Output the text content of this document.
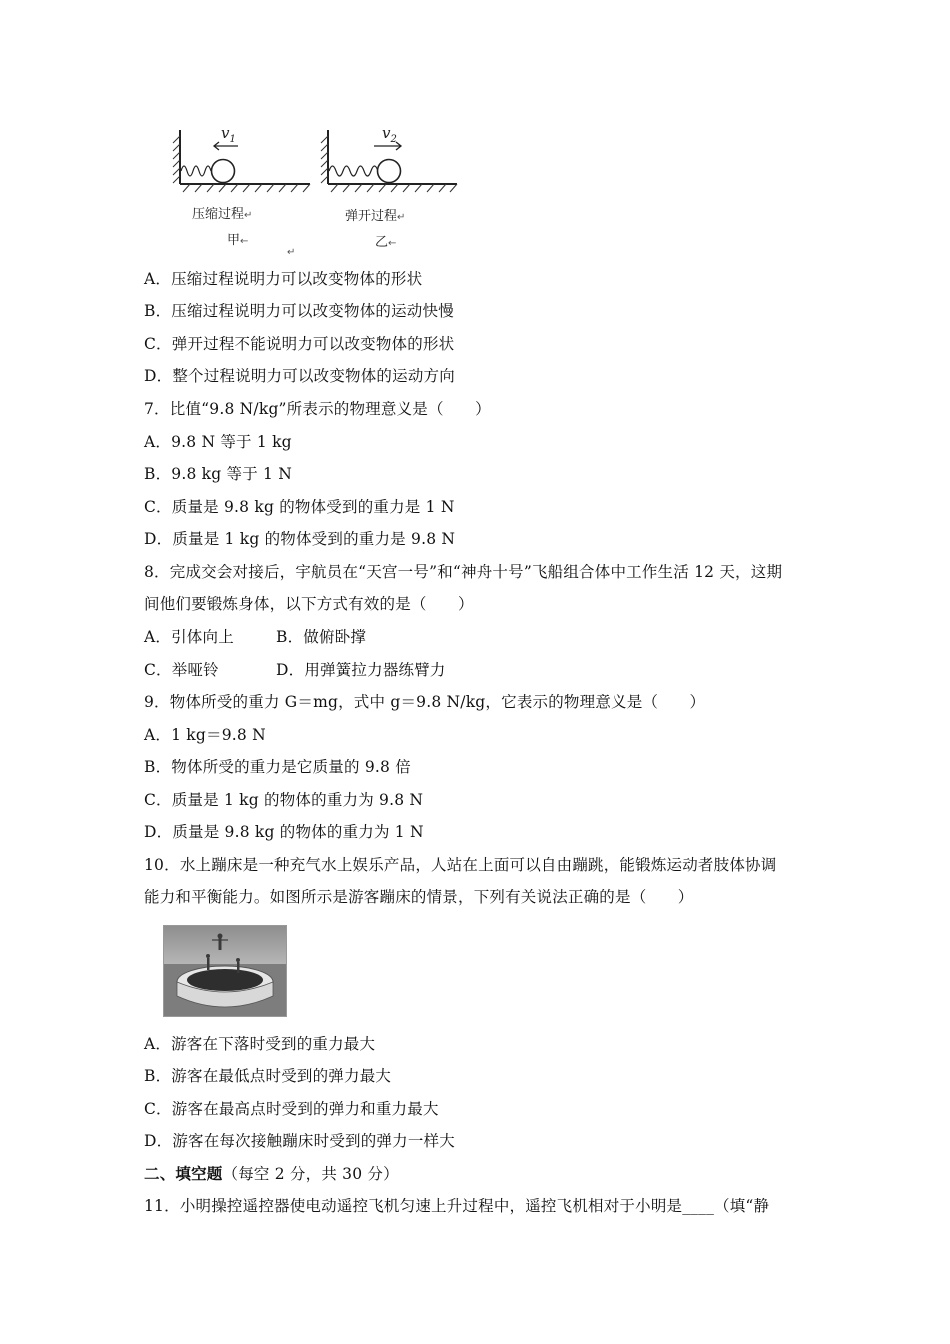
$v_1$	$v_2$
压缩过程↵
甲←
弹开过程↵
乙←
↵
A．压缩过程说明力可以改变物体的形状
B．压缩过程说明力可以改变物体的运动快慢
C．弹开过程不能说明力可以改变物体的形状
D．整个过程说明力可以改变物体的运动方向
7．比值“9.8 N/kg”所表示的物理意义是（　　）
A．9.8 N 等于 1 kg
B．9.8 kg 等于 1 N
C．质量是 9.8 kg 的物体受到的重力是 1 N
D．质量是 1 kg 的物体受到的重力是 9.8 N
8．完成交会对接后，宇航员在“天宫一号”和“神舟十号”飞船组合体中工作生活 12 天，这期
间他们要锻炼身体，以下方式有效的是（　　）
A．引体向上	B．做俯卧撑
C．举哑铃	D．用弹簧拉力器练臂力
9．物体所受的重力 G＝mg，式中 g＝9.8 N/kg，它表示的物理意义是（　　）
A．1 kg＝9.8 N
B．物体所受的重力是它质量的 9.8 倍
C．质量是 1 kg 的物体的重力为 9.8 N
D．质量是 9.8 kg 的物体的重力为 1 N
10．水上蹦床是一种充气水上娱乐产品，人站在上面可以自由蹦跳，能锻炼运动者肢体协调
能力和平衡能力。如图所示是游客蹦床的情景，下列有关说法正确的是（　　）
A．游客在下落时受到的重力最大
B．游客在最低点时受到的弹力最大
C．游客在最高点时受到的弹力和重力最大
D．游客在每次接触蹦床时受到的弹力一样大
二、填空题（每空 2 分，共 30 分）
11．小明操控遥控器使电动遥控飞机匀速上升过程中，遥控飞机相对于小明是____（填“静
